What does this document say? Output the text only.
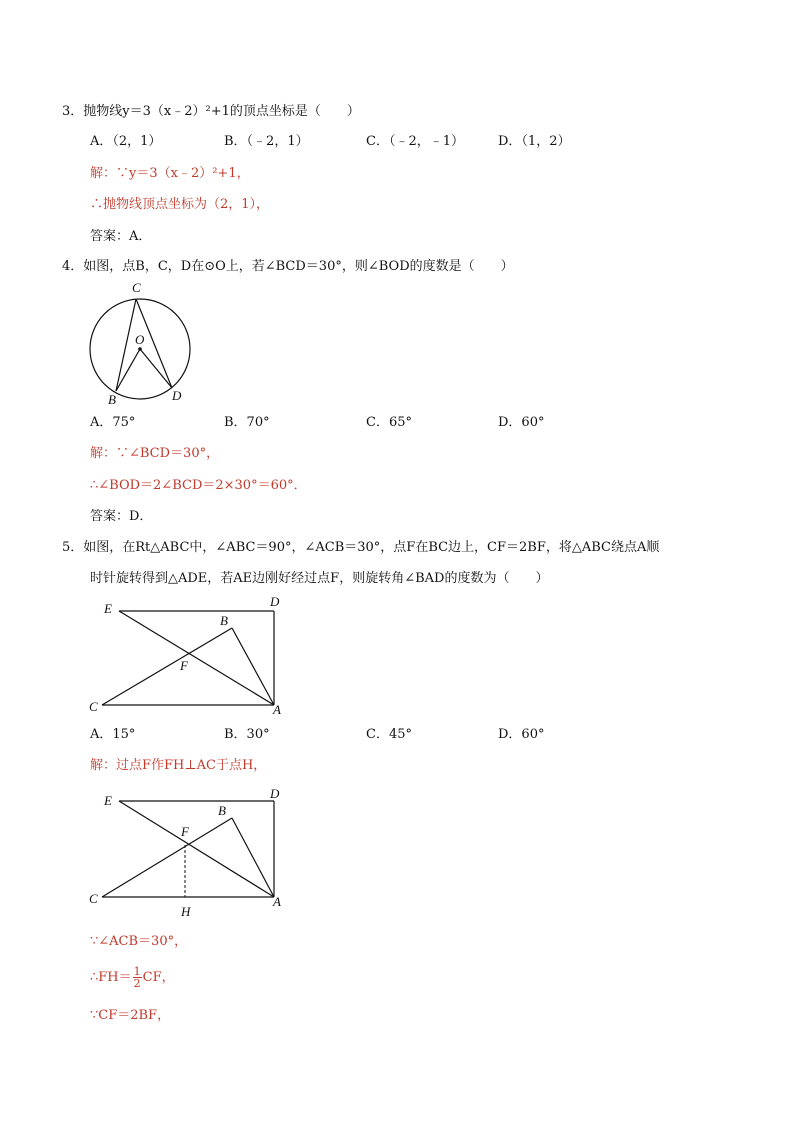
3．抛物线y＝3（x﹣2）²+1的顶点坐标是（　　）
A．（2，1）	B．（﹣2，1）	C．（﹣2，﹣1）	D．（1，2）
解：∵y＝3（x﹣2）²+1，
∴抛物线顶点坐标为（2，1），
答案：A．
4．如图，点B，C，D在⊙O上，若∠BCD＝30°，则∠BOD的度数是（　　）
C
O
B	D
A．75°	B．70°	C．65°	D．60°
解：∵∠BCD＝30°，
∴∠BOD＝2∠BCD＝2×30°＝60°．
答案：D．
5．如图，在Rt△ABC中，∠ABC＝90°，∠ACB＝30°，点F在BC边上，CF＝2BF，将△ABC绕点A顺
时针旋转得到△ADE，若AE边刚好经过点F，则旋转角∠BAD的度数为（　　）
E	D
B
F
C	A
A．15°	B．30°	C．45°	D．60°
解：过点F作FH⊥AC于点H，
E	D
B
F
C	A
H
∵∠ACB＝30°，
∴FH＝ $\frac{1}{2}$ CF，
∵CF＝2BF，
